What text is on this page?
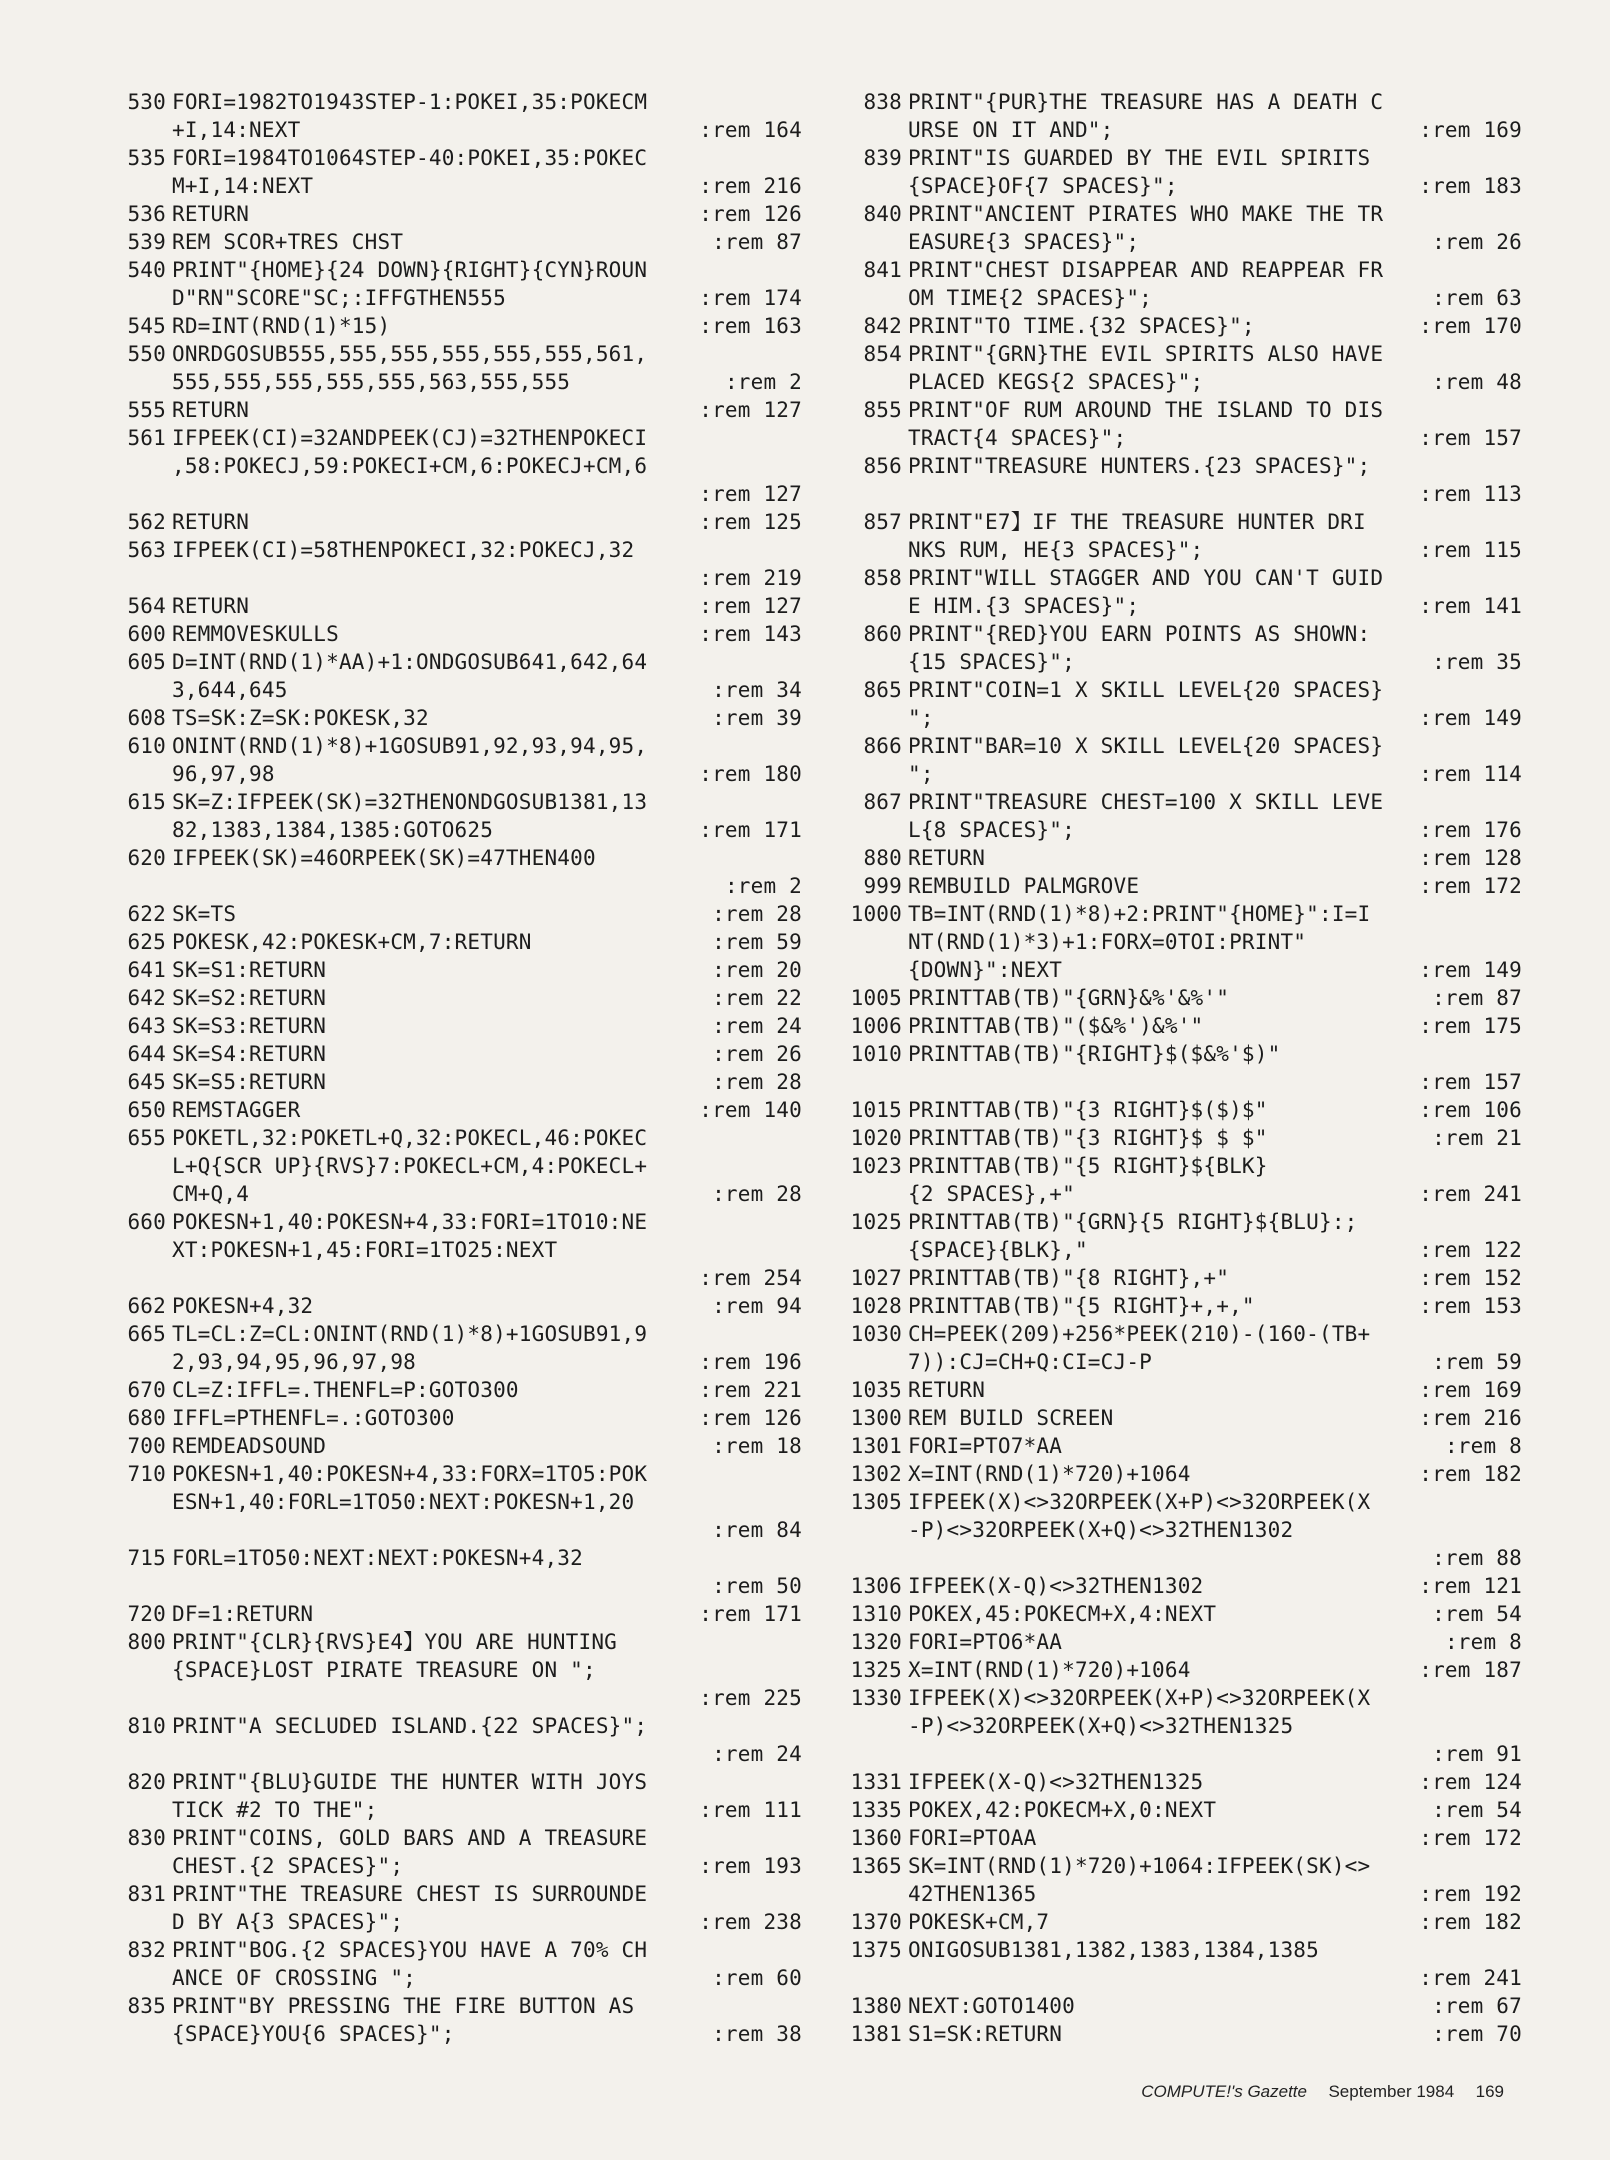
530 FORI=1982TO1943STEP-1:POKEI,35:POKECM
+I,14:NEXT	:rem 164
535 FORI=1984TO1064STEP-40:POKEI,35:POKEC
M+I,14:NEXT	:rem 216
536 RETURN	:rem 126
539 REM SCOR+TRES CHST	:rem 87
540 PRINT"{HOME}{24 DOWN}{RIGHT}{CYN}ROUN
D"RN"SCORE"SC;:IFFGTHEN555	:rem 174
545 RD=INT(RND(1)*15)	:rem 163
550 ONRDGOSUB555,555,555,555,555,555,561,
555,555,555,555,555,563,555,555	:rem 2
555 RETURN	:rem 127
561 IFPEEK(CI)=32ANDPEEK(CJ)=32THENPOKECI
,58:POKECJ,59:POKECI+CM,6:POKECJ+CM,6
:rem 127
562 RETURN	:rem 125
563 IFPEEK(CI)=58THENPOKECI,32:POKECJ,32
:rem 219
564 RETURN	:rem 127
600 REMMOVESKULLS	:rem 143
605 D=INT(RND(1)*AA)+1:ONDGOSUB641,642,64
3,644,645	:rem 34
608 TS=SK:Z=SK:POKESK,32	:rem 39
610 ONINT(RND(1)*8)+1GOSUB91,92,93,94,95,
96,97,98	:rem 180
615 SK=Z:IFPEEK(SK)=32THENONDGOSUB1381,13
82,1383,1384,1385:GOTO625	:rem 171
620 IFPEEK(SK)=46ORPEEK(SK)=47THEN400
:rem 2
622 SK=TS	:rem 28
625 POKESK,42:POKESK+CM,7:RETURN	:rem 59
641 SK=S1:RETURN	:rem 20
642 SK=S2:RETURN	:rem 22
643 SK=S3:RETURN	:rem 24
644 SK=S4:RETURN	:rem 26
645 SK=S5:RETURN	:rem 28
650 REMSTAGGER	:rem 140
655 POKETL,32:POKETL+Q,32:POKECL,46:POKEC
L+Q{SCR UP}{RVS}7:POKECL+CM,4:POKECL+
CM+Q,4	:rem 28
660 POKESN+1,40:POKESN+4,33:FORI=1TO10:NE
XT:POKESN+1,45:FORI=1TO25:NEXT
:rem 254
662 POKESN+4,32	:rem 94
665 TL=CL:Z=CL:ONINT(RND(1)*8)+1GOSUB91,9
2,93,94,95,96,97,98	:rem 196
670 CL=Z:IFFL=.THENFL=P:GOTO300	:rem 221
680 IFFL=PTHENFL=.:GOTO300	:rem 126
700 REMDEADSOUND	:rem 18
710 POKESN+1,40:POKESN+4,33:FORX=1TO5:POK
ESN+1,40:FORL=1TO50:NEXT:POKESN+1,20
:rem 84
715 FORL=1TO50:NEXT:NEXT:POKESN+4,32
:rem 50
720 DF=1:RETURN	:rem 171
800 PRINT"{CLR}{RVS}E4】YOU ARE HUNTING
{SPACE}LOST PIRATE TREASURE ON ";
:rem 225
810 PRINT"A SECLUDED ISLAND.{22 SPACES}";
:rem 24
820 PRINT"{BLU}GUIDE THE HUNTER WITH JOYS
TICK #2 TO THE";	:rem 111
830 PRINT"COINS, GOLD BARS AND A TREASURE
CHEST.{2 SPACES}";	:rem 193
831 PRINT"THE TREASURE CHEST IS SURROUNDE
D BY A{3 SPACES}";	:rem 238
832 PRINT"BOG.{2 SPACES}YOU HAVE A 70% CH
ANCE OF CROSSING ";	:rem 60
835 PRINT"BY PRESSING THE FIRE BUTTON AS
{SPACE}YOU{6 SPACES}";	:rem 38
838 PRINT"{PUR}THE TREASURE HAS A DEATH C
URSE ON IT AND";	:rem 169
839 PRINT"IS GUARDED BY THE EVIL SPIRITS
{SPACE}OF{7 SPACES}";	:rem 183
840 PRINT"ANCIENT PIRATES WHO MAKE THE TR
EASURE{3 SPACES}";	:rem 26
841 PRINT"CHEST DISAPPEAR AND REAPPEAR FR
OM TIME{2 SPACES}";	:rem 63
842 PRINT"TO TIME.{32 SPACES}";	:rem 170
854 PRINT"{GRN}THE EVIL SPIRITS ALSO HAVE
PLACED KEGS{2 SPACES}";	:rem 48
855 PRINT"OF RUM AROUND THE ISLAND TO DIS
TRACT{4 SPACES}";	:rem 157
856 PRINT"TREASURE HUNTERS.{23 SPACES}";
:rem 113
857 PRINT"E7】IF THE TREASURE HUNTER DRI
NKS RUM, HE{3 SPACES}";	:rem 115
858 PRINT"WILL STAGGER AND YOU CAN'T GUID
E HIM.{3 SPACES}";	:rem 141
860 PRINT"{RED}YOU EARN POINTS AS SHOWN:
{15 SPACES}";	:rem 35
865 PRINT"COIN=1 X SKILL LEVEL{20 SPACES}
";	:rem 149
866 PRINT"BAR=10 X SKILL LEVEL{20 SPACES}
";	:rem 114
867 PRINT"TREASURE CHEST=100 X SKILL LEVE
L{8 SPACES}";	:rem 176
880 RETURN	:rem 128
999 REMBUILD PALMGROVE	:rem 172
1000 TB=INT(RND(1)*8)+2:PRINT"{HOME}":I=I
NT(RND(1)*3)+1:FORX=0TOI:PRINT"
{DOWN}":NEXT	:rem 149
1005 PRINTTAB(TB)"{GRN}&%'&%'"	:rem 87
1006 PRINTTAB(TB)"($&%')&%'"	:rem 175
1010 PRINTTAB(TB)"{RIGHT}$($&%'$)"
:rem 157
1015 PRINTTAB(TB)"{3 RIGHT}$($)$"	:rem 106
1020 PRINTTAB(TB)"{3 RIGHT}$ $ $"	:rem 21
1023 PRINTTAB(TB)"{5 RIGHT}${BLK}
{2 SPACES},+"	:rem 241
1025 PRINTTAB(TB)"{GRN}{5 RIGHT}${BLU}:;
{SPACE}{BLK},"	:rem 122
1027 PRINTTAB(TB)"{8 RIGHT},+"	:rem 152
1028 PRINTTAB(TB)"{5 RIGHT}+,+,"	:rem 153
1030 CH=PEEK(209)+256*PEEK(210)-(160-(TB+
7)):CJ=CH+Q:CI=CJ-P	:rem 59
1035 RETURN	:rem 169
1300 REM BUILD SCREEN	:rem 216
1301 FORI=PTO7*AA	:rem 8
1302 X=INT(RND(1)*720)+1064	:rem 182
1305 IFPEEK(X)<>32ORPEEK(X+P)<>32ORPEEK(X
-P)<>32ORPEEK(X+Q)<>32THEN1302
:rem 88
1306 IFPEEK(X-Q)<>32THEN1302	:rem 121
1310 POKEX,45:POKECM+X,4:NEXT	:rem 54
1320 FORI=PTO6*AA	:rem 8
1325 X=INT(RND(1)*720)+1064	:rem 187
1330 IFPEEK(X)<>32ORPEEK(X+P)<>32ORPEEK(X
-P)<>32ORPEEK(X+Q)<>32THEN1325
:rem 91
1331 IFPEEK(X-Q)<>32THEN1325	:rem 124
1335 POKEX,42:POKECM+X,0:NEXT	:rem 54
1360 FORI=PTOAA	:rem 172
1365 SK=INT(RND(1)*720)+1064:IFPEEK(SK)<>
42THEN1365	:rem 192
1370 POKESK+CM,7	:rem 182
1375 ONIGOSUB1381,1382,1383,1384,1385
:rem 241
1380 NEXT:GOTO1400	:rem 67
1381 S1=SK:RETURN	:rem 70
COMPUTE!'s Gazette September 1984 169
